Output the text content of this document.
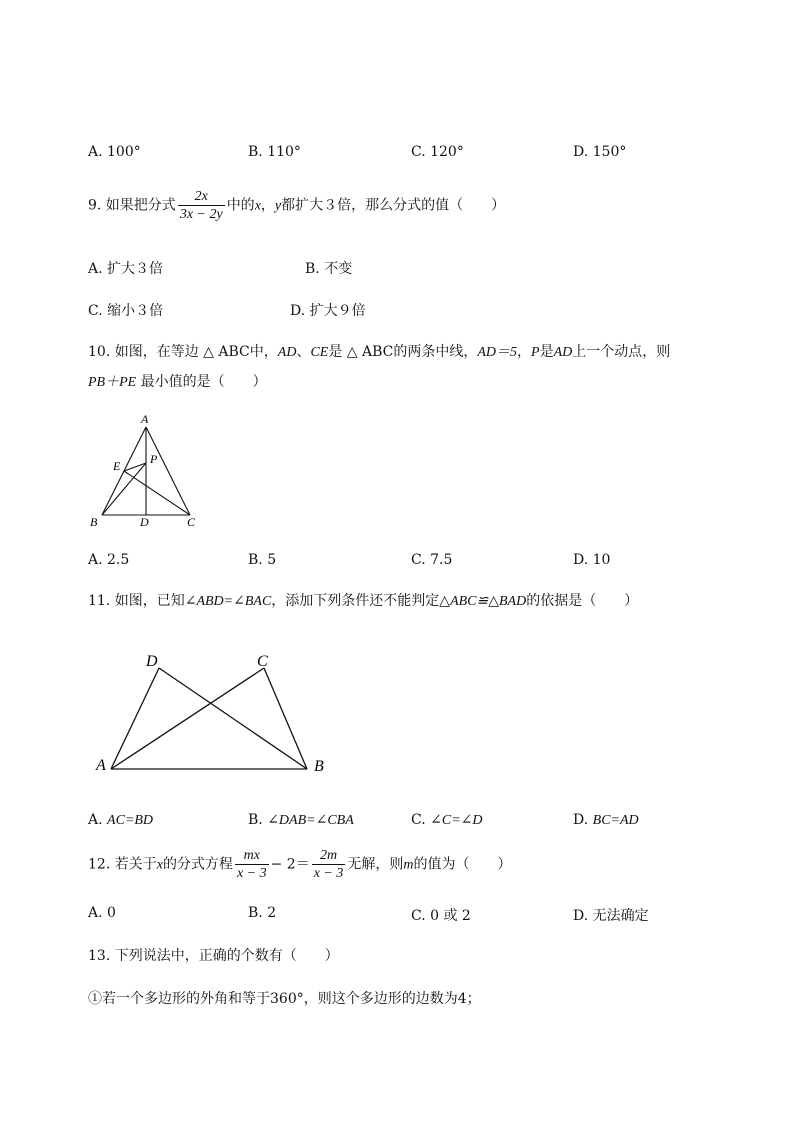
A. 100°	B. 110°	C. 120°	D. 150°
9. 如果把分式 $\frac{2x}{3x - 2y}$ 中的x，y都扩大３倍，那么分式的值（　　）
A. 扩大３倍	B. 不变
C. 缩小３倍	D. 扩大９倍
10. 如图，在等边 △ ABC中，AD、CE是 △ ABC的两条中线，AD＝5，P是AD上一个动点，则
PB＋PE 最小值的是（　　）
A
E P
B	D	C
A. 2.5	B. 5	C. 7.5	D. 10
11. 如图，已知∠ABD=∠BAC，添加下列条件还不能判定△ABC≌△BAD的依据是（　　）
D	C
A	B
A. AC=BD	B. ∠DAB=∠CBA	C. ∠C=∠D	D. BC=AD
12. 若关于x的分式方程 $\frac{mx}{x - 3} - 2= \frac{2m}{x - 3}$ 无解，则m的值为（　　）
A. 0	B. 2	C. 0 或 2	D. 无法确定
13. 下列说法中，正确的个数有（　　）
①若一个多边形的外角和等于360°，则这个多边形的边数为4；
